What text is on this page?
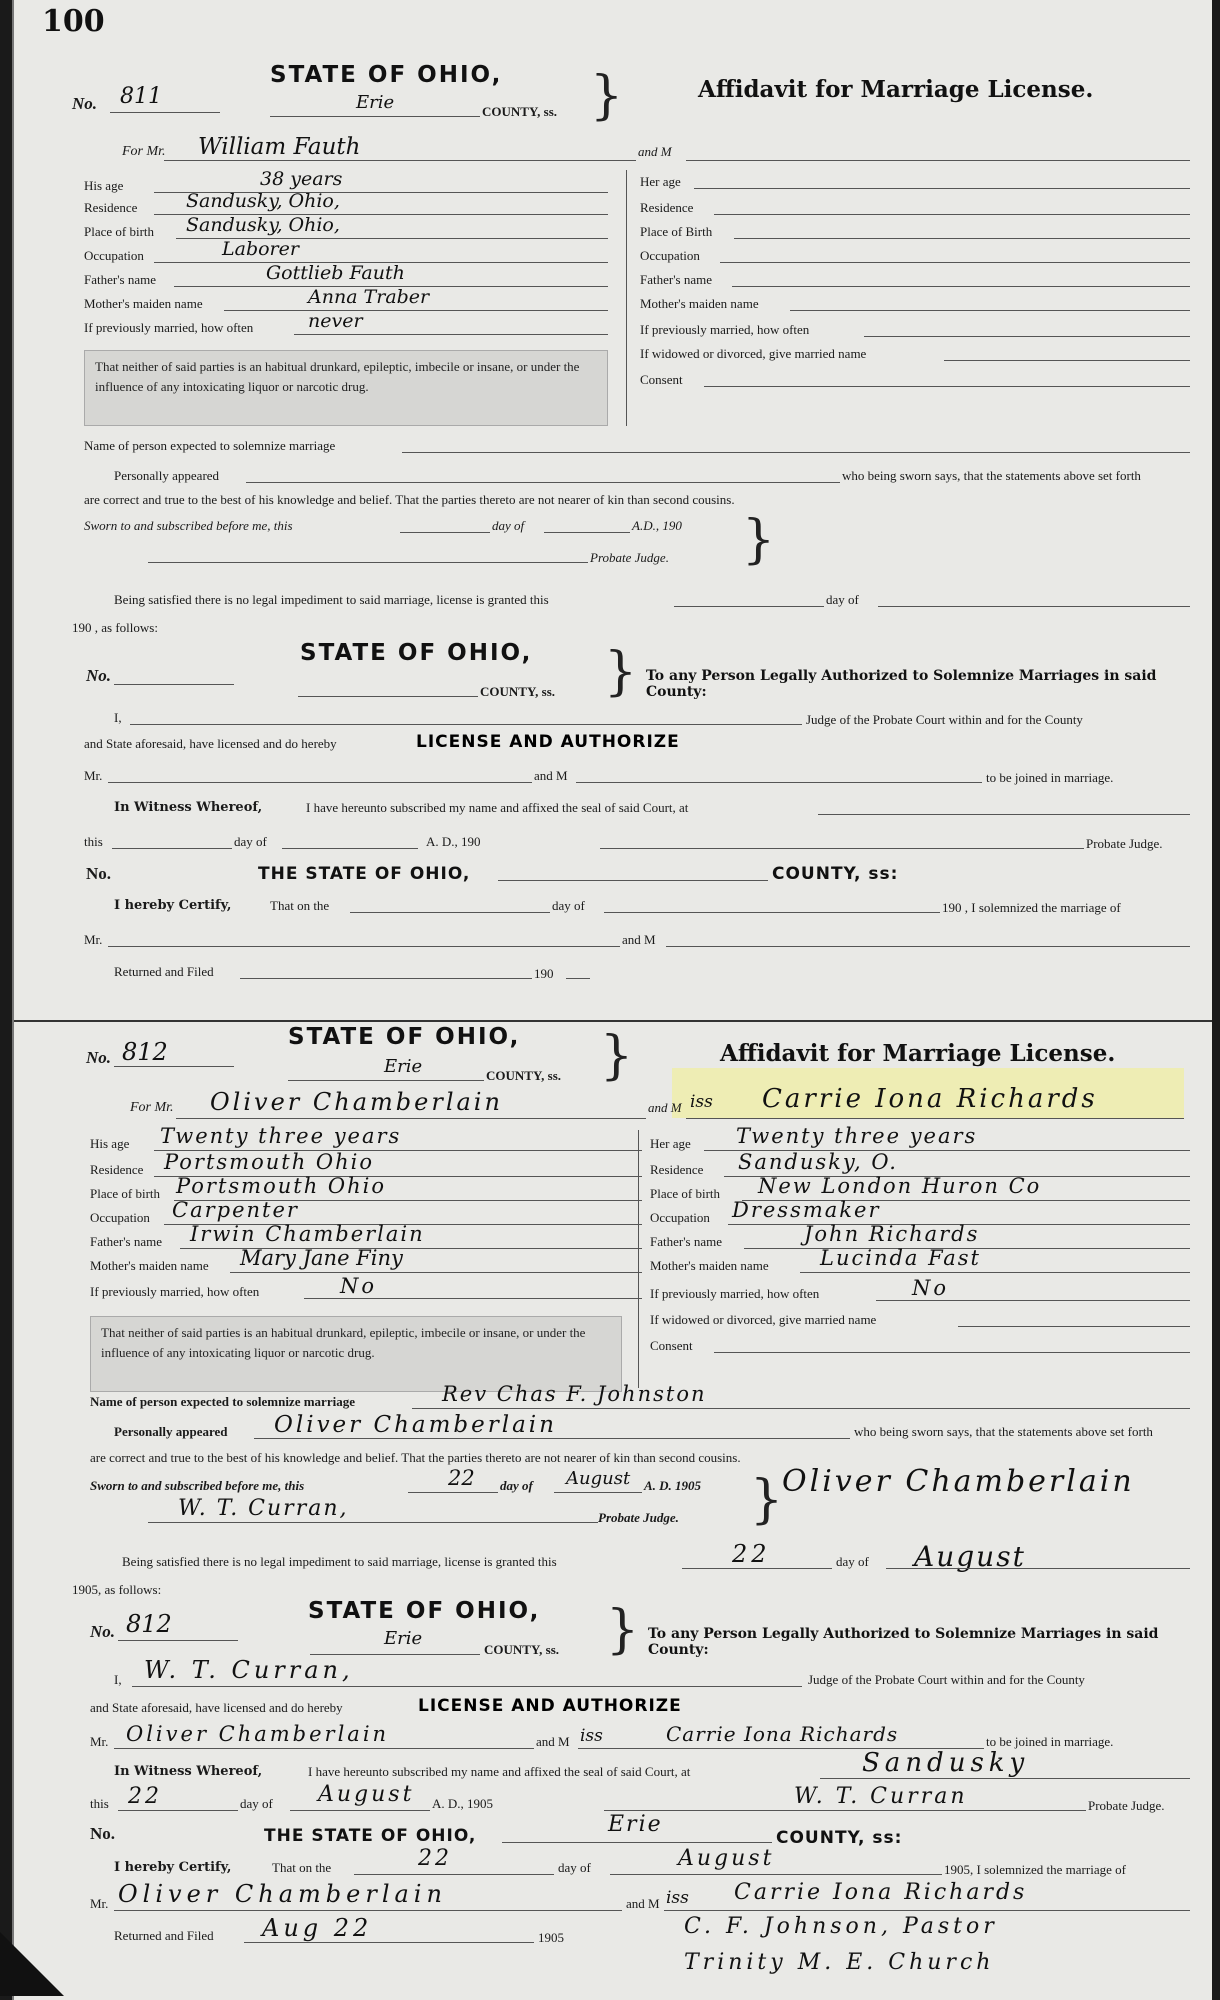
100
No. 811
STATE OF OHIO,
Erie	COUNTY, ss. }	Affidavit for Marriage License.
For Mr. William Fauth	and M
His age	38 years
Residence	Sandusky, Ohio,
Place of birth Sandusky, Ohio,
Occupation	Laborer
Father's name	Gottlieb Fauth
Mother's maiden name	Anna Traber
If previously married, how often	never
That neither of said parties is an habitual drunkard, epileptic, imbecile or insane, or under the influence of any intoxicating liquor or narcotic drug.
Her age
Residence
Place of Birth
Occupation
Father's name
Mother's maiden name
If previously married, how often
If widowed or divorced, give married name
Consent
Name of person expected to solemnize marriage
Personally appeared	who being sworn says, that the statements above set forth
are correct and true to the best of his knowledge and belief. That the parties thereto are not nearer of kin than second cousins.
Sworn to and subscribed before me, this	day of	A.D., 190 }
Probate Judge.
Being satisfied there is no legal impediment to said marriage, license is granted this	day of
190 , as follows:
No.
STATE OF OHIO,
COUNTY, ss. } To any Person Legally Authorized to Solemnize Marriages in said County:
I,	Judge of the Probate Court within and for the County
and State aforesaid, have licensed and do hereby	LICENSE AND AUTHORIZE
Mr.	and M	to be joined in marriage.
In Witness Whereof,	I have hereunto subscribed my name and affixed the seal of said Court, at
this	day of	A. D., 190	Probate Judge.
No.	THE STATE OF OHIO,	COUNTY, ss:
I hereby Certify,	That on the	day of	190 , I solemnized the marriage of
Mr.	and M
Returned and Filed	190
No. 812
STATE OF OHIO,
Erie	COUNTY, ss. }	Affidavit for Marriage License.
For Mr. Oliver Chamberlain	and M iss Carrie Iona Richards
His age Twenty three years
Residence Portsmouth Ohio
Place of birth Portsmouth Ohio
Occupation Carpenter
Father's name Irwin Chamberlain
Mother's maiden name Mary Jane Finy
If previously married, how often	No
That neither of said parties is an habitual drunkard, epileptic, imbecile or insane, or under the influence of any intoxicating liquor or narcotic drug.
Her age Twenty three years
Residence Sandusky, O.
Place of birth New London Huron Co
Occupation Dressmaker
Father's name	John Richards
Mother's maiden name Lucinda Fast
If previously married, how often	No
If widowed or divorced, give married name
Consent
Name of person expected to solemnize marriage	Rev Chas F. Johnston
Personally appeared Oliver Chamberlain	who being sworn says, that the statements above set forth
are correct and true to the best of his knowledge and belief. That the parties thereto are not nearer of kin than second cousins.
Sworn to and subscribed before me, this	22 day of August A. D. 1905 }
Oliver Chamberlain
W. T. Curran,	Probate Judge.
Being satisfied there is no legal impediment to said marriage, license is granted this	22	day of August
1905, as follows:
No. 812	STATE OF OHIO,
Erie
COUNTY, ss. } To any Person Legally Authorized to Solemnize Marriages in said County:
I, W. T. Curran,	Judge of the Probate Court within and for the County
and State aforesaid, have licensed and do hereby	LICENSE AND AUTHORIZE
Mr. Oliver Chamberlain	and M iss	Carrie Iona Richards	to be joined in marriage.
In Witness Whereof,	I have hereunto subscribed my name and affixed the seal of said Court, at	Sandusky
this 22	day of August A. D., 1905	W. T. Curran	Probate Judge.
No.	THE STATE OF OHIO,	Erie
COUNTY, ss:
I hereby Certify,	That on the	22	day of	August	1905, I solemnized the marriage of
Mr. Oliver Chamberlain	and M iss Carrie Iona Richards
Returned and Filed Aug 22	1905	C. F. Johnson, Pastor
Trinity M. E. Church
